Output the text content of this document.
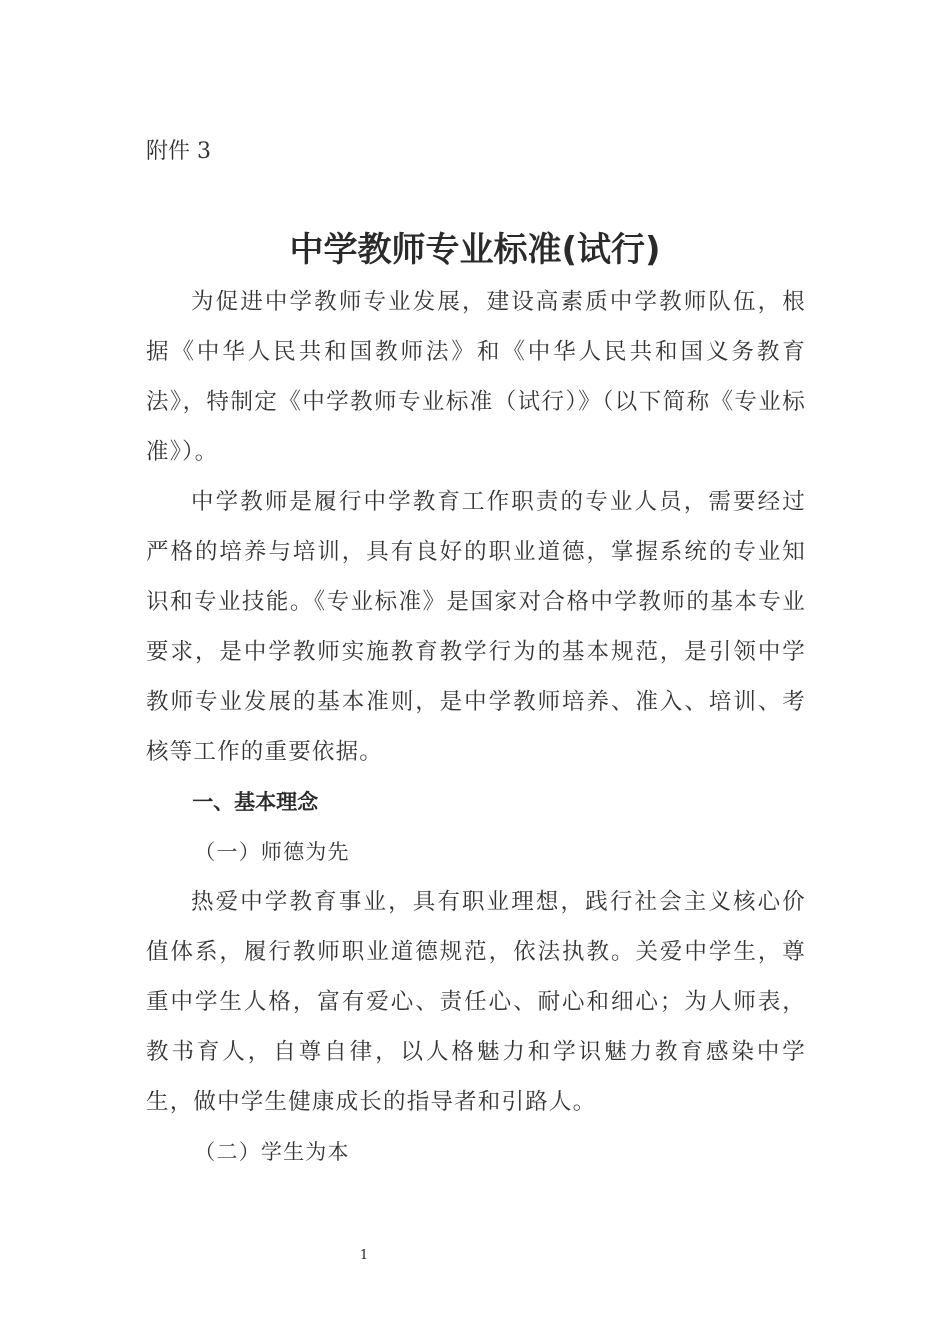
附件 3
中学教师专业标准(试行)

为促进中学教师专业发展，建设高素质中学教师队伍，根据《中华人民共和国教师法》和《中华人民共和国义务教育法》，特制定《中学教师专业标准（试行）》（以下简称《专业标准》）。

中学教师是履行中学教育工作职责的专业人员，需要经过严格的培养与培训，具有良好的职业道德，掌握系统的专业知识和专业技能。《专业标准》是国家对合格中学教师的基本专业要求，是中学教师实施教育教学行为的基本规范，是引领中学教师专业发展的基本准则，是中学教师培养、准入、培训、考核等工作的重要依据。

一、基本理念

（一）师德为先

热爱中学教育事业，具有职业理想，践行社会主义核心价值体系，履行教师职业道德规范，依法执教。关爱中学生，尊重中学生人格，富有爱心、责任心、耐心和细心；为人师表，教书育人，自尊自律，以人格魅力和学识魅力教育感染中学生，做中学生健康成长的指导者和引路人。

（二）学生为本

1
